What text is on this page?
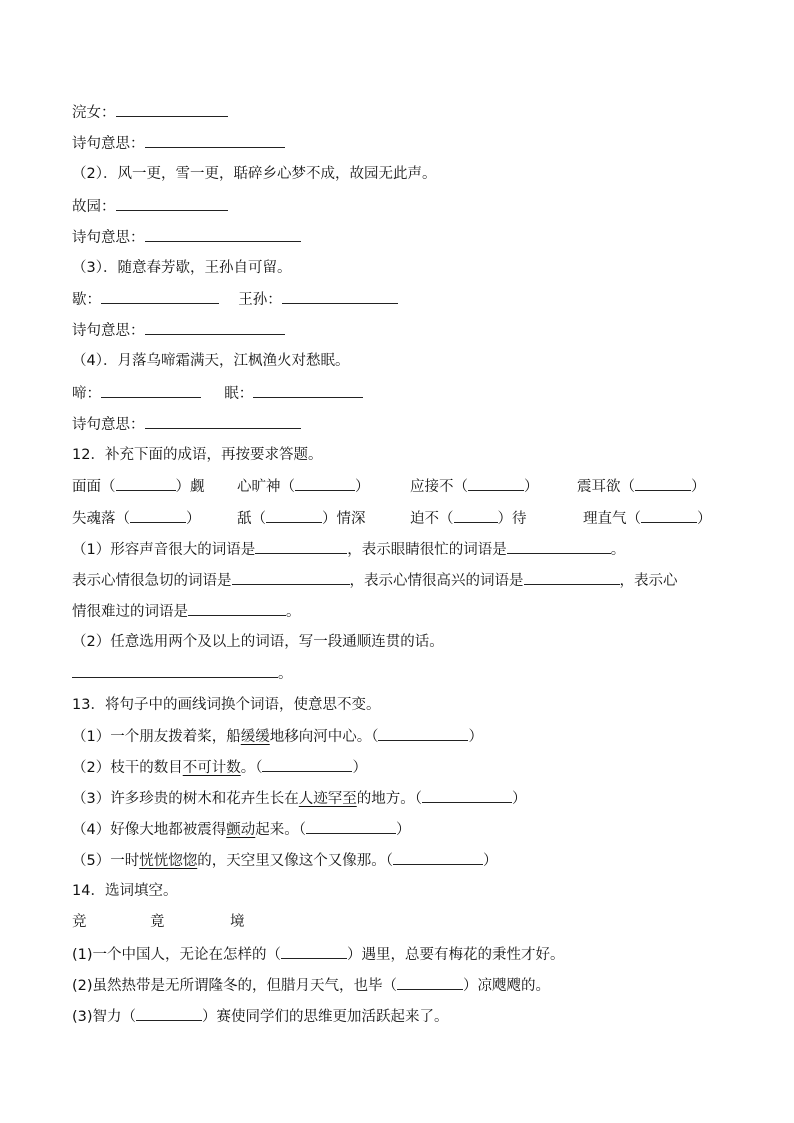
浣女：
诗句意思：
（2）．风一更，雪一更，聒碎乡心梦不成，故园无此声。
故园：
诗句意思：
（3）．随意春芳歇，王孙自可留。
歇：	王孙：
诗句意思：
（4）．月落乌啼霜满天，江枫渔火对愁眠。
啼：	眠：
诗句意思：
12．补充下面的成语，再按要求答题。
面面（	）觑 心旷神（	）	应接不（	）	震耳欲（	）
失魂落（	）	舐（	）情深	迫不（	）待	理直气（	）
（1）形容声音很大的词语是	，表示眼睛很忙的词语是	。
表示心情很急切的词语是	，表示心情很高兴的词语是	，表示心
情很难过的词语是	。
（2）任意选用两个及以上的词语，写一段通顺连贯的话。
。
13．将句子中的画线词换个词语，使意思不变。
（1）一个朋友拨着桨，船缓缓地移向河中心。（	）
（2）枝干的数目不可计数。（	）
（3）许多珍贵的树木和花卉生长在人迹罕至的地方。（	）
（4）好像大地都被震得颤动起来。（	）
（5）一时恍恍惚惚的，天空里又像这个又像那。（	）
14．选词填空。
竞	竟	境
(1)一个中国人，无论在怎样的（	）遇里，总要有梅花的秉性才好。
(2)虽然热带是无所谓隆冬的，但腊月天气，也毕（	）凉飕飕的。
(3)智力（	）赛使同学们的思维更加活跃起来了。
